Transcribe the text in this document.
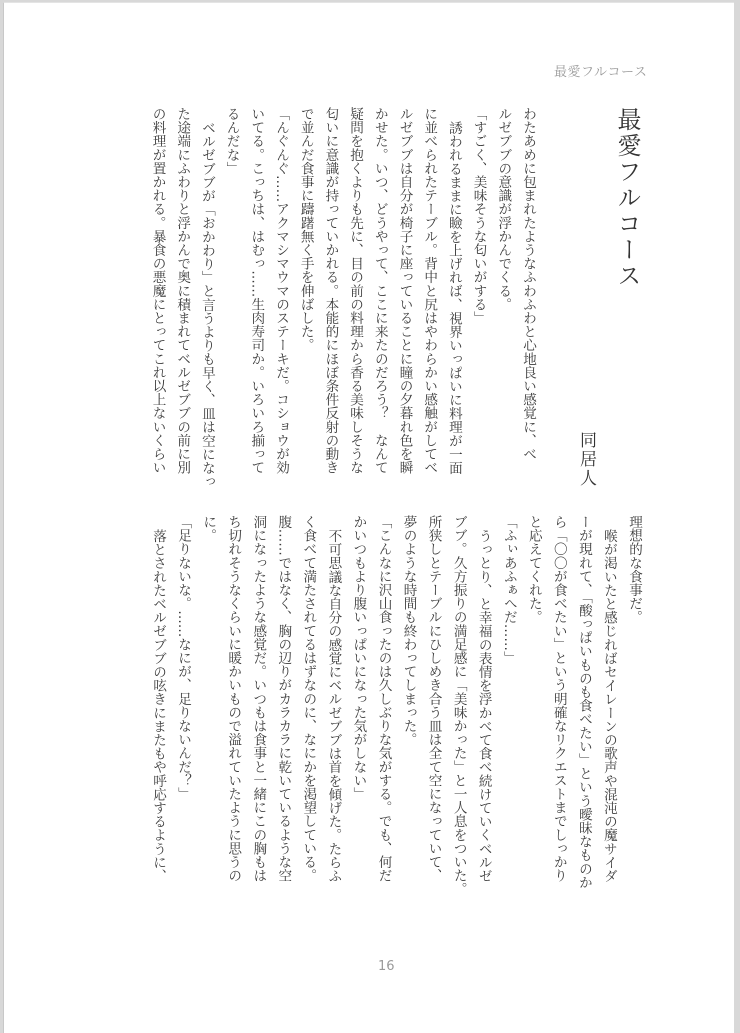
最愛フルコース
最愛フルコース
同居人
わたあめに包まれたようなふわふわと心地良い感覚に、べ
ルゼブブの意識が浮かんでくる。
「すごく、美味そうな匂いがする」
誘われるままに瞼を上げれば、視界いっぱいに料理が一面
に並べられたテーブル。背中と尻はやわらかい感触がしてべ
ルゼブブは自分が椅子に座っていることに瞳の夕暮れ色を瞬
かせた。いつ、どうやって、ここに来たのだろう？　なんて
疑問を抱くよりも先に、目の前の料理から香る美味しそうな
匂いに意識が持っていかれる。本能的にほぼ条件反射の動き
で並んだ食事に躊躇無く手を伸ばした。
「んぐんぐ……アクマシマウマのステーキだ。コショウが効
いてる。こっちは、はむっ……生肉寿司か。いろいろ揃って
るんだな」
ベルゼブブが「おかわり」と言うよりも早く、皿は空になっ
た途端にふわりと浮かんで奥に積まれてベルゼブブの前に別
の料理が置かれる。暴食の悪魔にとってこれ以上ないくらい
理想的な食事だ。
喉が渇いたと感じればセイレーンの歌声や混沌の魔サイダ
ーが現れて、「酸っぱいものも食べたい」という曖昧なものか
ら「〇〇が食べたい」という明確なリクエストまでしっかり
と応えてくれた。
「ふぃあふぁへだ……」
うっとり、と幸福の表情を浮かべて食べ続けていくベルゼ
ブブ。久方振りの満足感に「美味かった」と一人息をついた。
所狭しとテーブルにひしめき合う皿は全て空になっていて、
夢のような時間も終わってしまった。
「こんなに沢山食ったのは久しぶりな気がする。でも、何だ
かいつもより腹いっぱいになった気がしない」
不可思議な自分の感覚にベルゼブブは首を傾げた。たらふ
く食べて満たされてるはずなのに、なにかを渇望している。
腹……ではなく、胸の辺りがカラカラに乾いているような空
洞になったような感覚だ。いつもは食事と一緒にこの胸もは
ち切れそうなくらいに暖かいもので溢れていたように思うの
に。
「足りないな。……なにが、足りないんだ？」
落とされたベルゼブブの呟きにまたもや呼応するように、
16
